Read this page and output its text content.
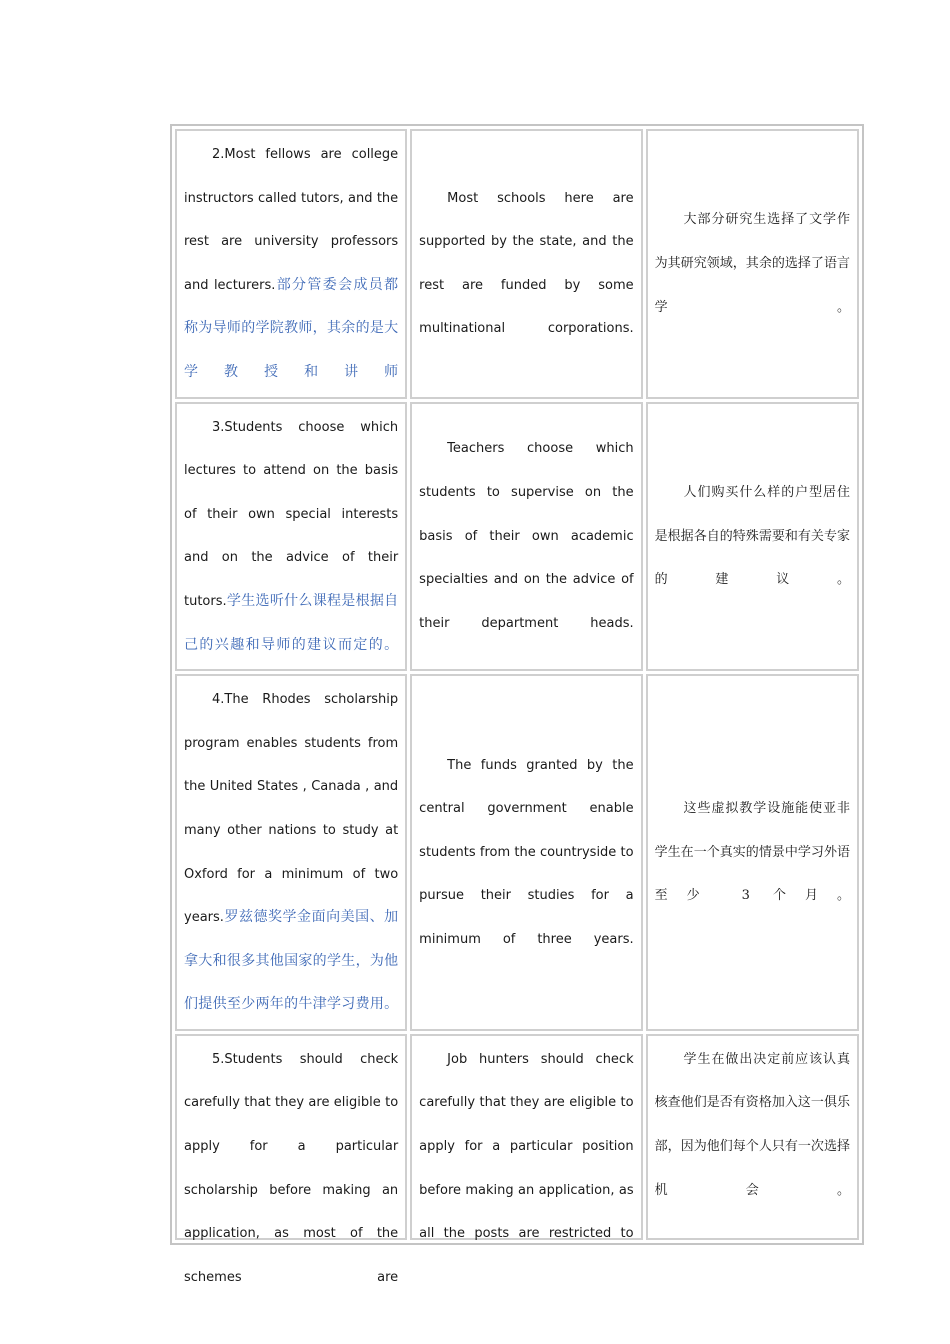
2.Most fellows are college instructors called tutors, and the rest are university professors and lecturers.部分管委会成员都称为导师的学院教师，其余的是大学教授和讲师	Most schools here are supported by the state, and the rest are funded by some multinational corporations.	大部分研究生选择了文学作为其研究领域，其余的选择了语言学。
3.Students choose which lectures to attend on the basis of their own special interests and on the advice of their tutors.学生选听什么课程是根据自己的兴趣和导师的建议而定的。	Teachers choose which students to supervise on the basis of their own academic specialties and on the advice of their department heads.	人们购买什么样的户型居住是根据各自的特殊需要和有关专家的建议。
4.The Rhodes scholarship program enables students from the United States , Canada , and many other nations to study at Oxford for a minimum of two years.罗兹德奖学金面向美国、加拿大和很多其他国家的学生，为他们提供至少两年的牛津学习费用。	The funds granted by the central government enable students from the countryside to pursue their studies for a minimum of three years.	这些虚拟教学设施能使亚非学生在一个真实的情景中学习外语至少 3 个月。

5.Students should check carefully that they are eligible to apply for a particular scholarship before making an application, as most of the schemes are	Job hunters should check carefully that they are eligible to apply for a particular position before making an application, as all the posts are restricted to	学生在做出决定前应该认真核查他们是否有资格加入这一俱乐部，因为他们每个人只有一次选择机会。
